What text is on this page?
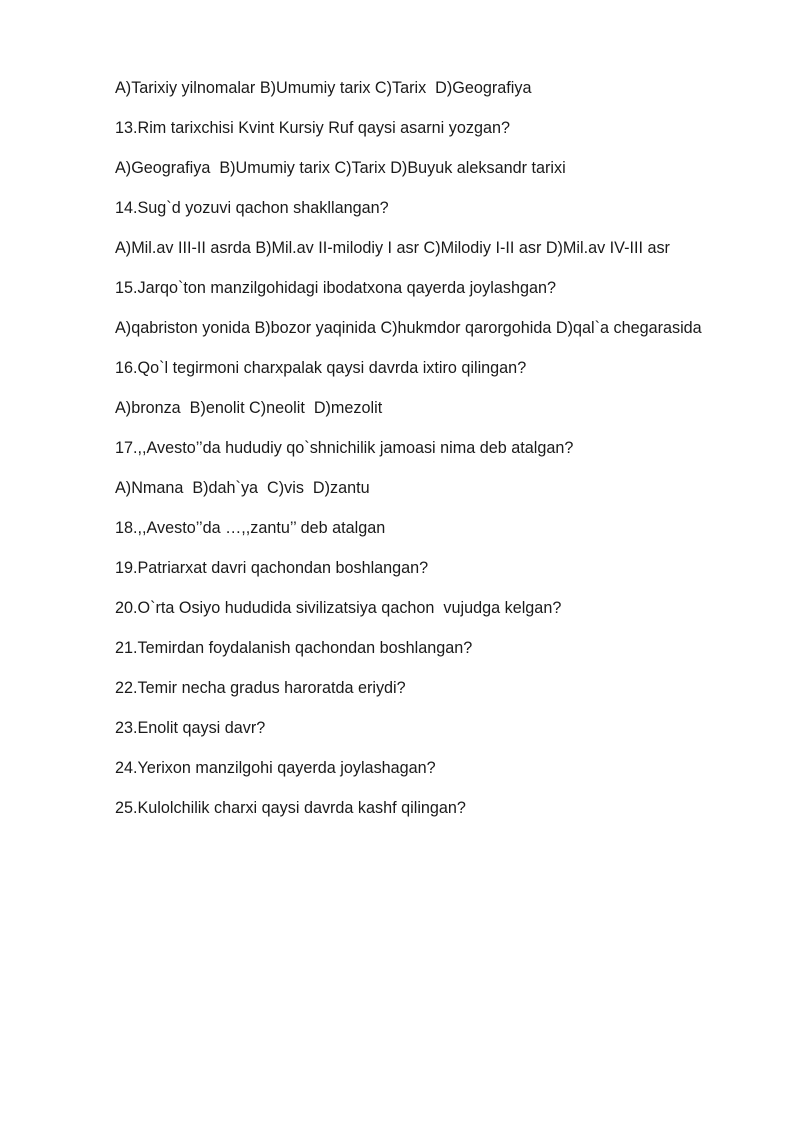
A)Tarixiy yilnomalar B)Umumiy tarix C)Tarix  D)Geografiya
13.Rim tarixchisi Kvint Kursiy Ruf qaysi asarni yozgan?
A)Geografiya  B)Umumiy tarix C)Tarix D)Buyuk aleksandr tarixi
14.Sug`d yozuvi qachon shakllangan?
A)Mil.av III-II asrda B)Mil.av II-milodiy I asr C)Milodiy I-II asr D)Mil.av IV-III asr
15.Jarqo`ton manzilgohidagi ibodatxona qayerda joylashgan?
A)qabriston yonida B)bozor yaqinida C)hukmdor qarorgohida D)qal`a chegarasida
16.Qo`l tegirmoni charxpalak qaysi davrda ixtiro qilingan?
A)bronza  B)enolit C)neolit  D)mezolit
17.,,Avesto’’da hududiy qo`shnichilik jamoasi nima deb atalgan?
A)Nmana  B)dah`ya  C)vis  D)zantu
18.,,Avesto’’da …,,zantu’’ deb atalgan
19.Patriarxat davri qachondan boshlangan?
20.O`rta Osiyo hududida sivilizatsiya qachon  vujudga kelgan?
21.Temirdan foydalanish qachondan boshlangan?
22.Temir necha gradus haroratda eriydi?
23.Enolit qaysi davr?
24.Yerixon manzilgohi qayerda joylashagan?
25.Kulolchilik charxi qaysi davrda kashf qilingan?
